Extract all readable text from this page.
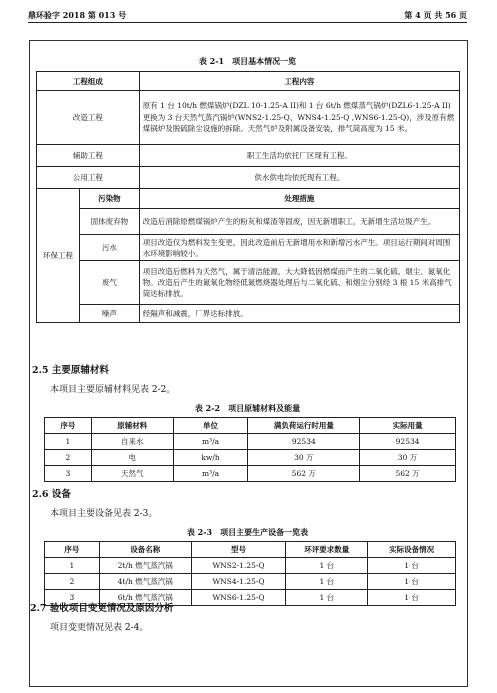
鼎环验字 2018 第 013 号	第 4 页 共 56 页
表 2-1　项目基本情况一览
工程组成		工程内容
改造工程		原有 1 台 10t/h 燃煤锅炉(DZL 10-1.25-A II)和 1 台 6t/h 燃煤蒸气锅炉(DZL6-1.25-A II)更换为 3 台天然气蒸汽锅炉(WNS2-1.25-Q、WNS4-1.25-Q ,WNS6-1.25-Q)，涉及原有燃煤锅炉及脱硫除尘设施的拆除、天然气炉及附属设备安装，排气筒高度为 15 米。
辅助工程		职工生活均依托厂区现有工程。
公用工程		供水供电均依托现有工程。
环保工程	污染物	处理措施
	固体废弃物	改造后消除原燃煤锅炉产生的粉灰和煤渣等固废，因无新增职工，无新增生活垃圾产生。
	污水	项目改造仅为燃料发生变更，因此改造前后无新增用水和新增污水产生。项目运行期间对周围水环境影响较小。
	废气	项目改造后燃料为天然气，属于清洁能源，大大降低因燃煤而产生的二氧化硫、烟尘、氮氧化物。改造后产生的氮氧化物经低氮燃烧器处理后与二氧化硫、和烟尘分别经 3 根 15 米高排气筒达标排放。
	噪声	经隔声和减震，厂界达标排放。
2.5 主要原辅材料
本项目主要原辅材料见表 2-2。
表 2-2　项目原辅材料及能量
序号	原辅材料	单位	满负荷运行时用量	实际用量
1	自来水	m³/a	92534	92534
2	电	kw/h	30 万	30 万
3	天然气	m³/a	562 万	562 万
2.6 设备
本项目主要设备见表 2-3。
表 2-3　项目主要生产设备一览表
序号	设备名称	型号	环评要求数量	实际设备情况
1	2t/h 燃气蒸汽锅	WNS2-1.25-Q	1 台	1 台
2	4t/h 燃气蒸汽锅	WNS4-1.25-Q	1 台	1 台
3	6t/h 燃气蒸汽锅	WNS6-1.25-Q	1 台	1 台
2.7 验收项目变更情况及原因分析
项目变更情况见表 2-4。
